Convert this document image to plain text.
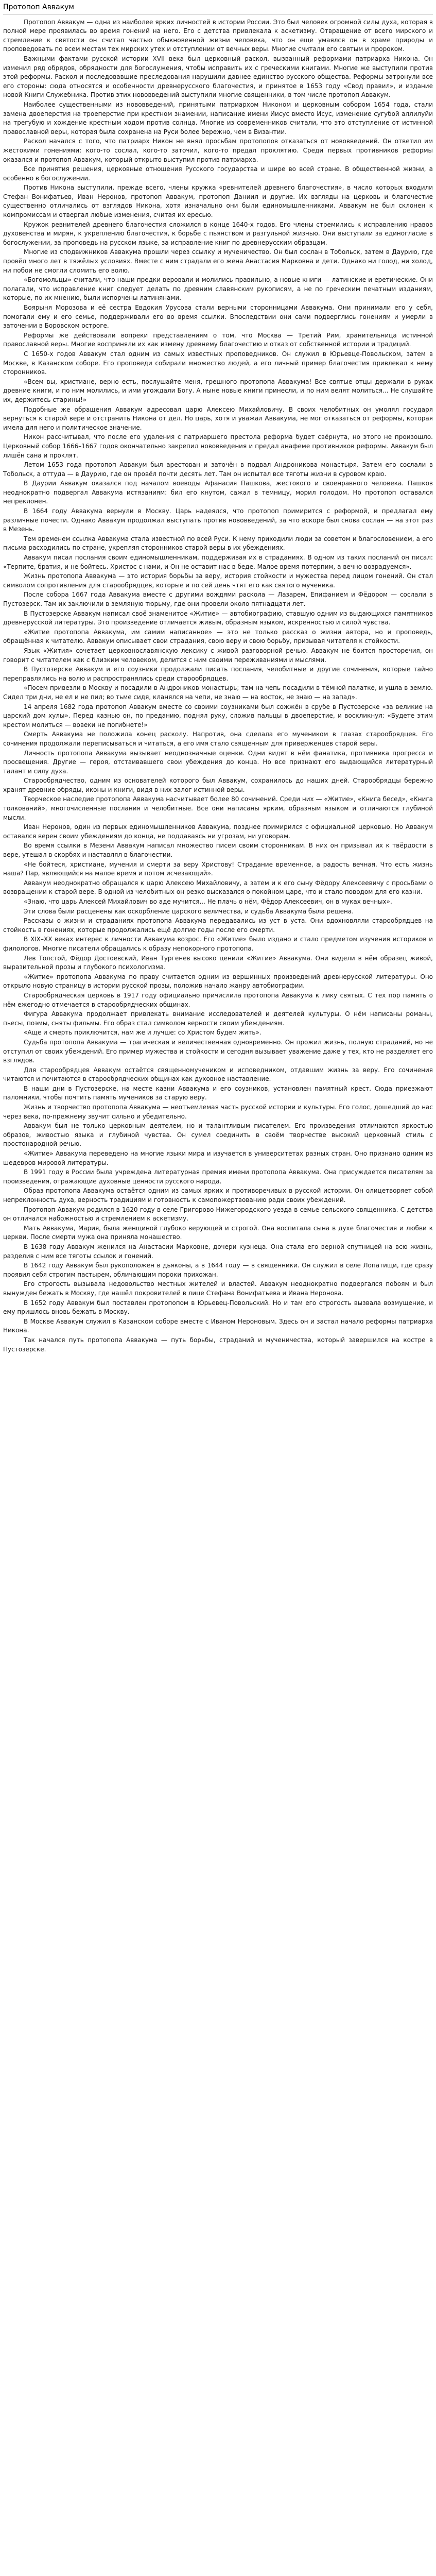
Протопоп Аввакум

Протопоп Аввакум — одна из наиболее ярких личностей в истории России. Это был человек огромной силы духа, которая в полной мере проявилась во время гонений на него. Его с детства привлекала к аскетизму. Отвращение от всего мирского и стремление к святости он считал частью обыкновенной жизни человека, что он еще умаялся он в храме природы и проповедовать по всем местам тех мирских утех и отступлении от вечных веры. Многие считали его святым и пророком.

Важными фактами русской истории XVII века был церковный раскол, вызванный реформами патриарха Никона. Он изменил ряд обрядов, обрядности для богослужения, чтобы исправить их с греческими книгами. Многие же выступили против этой реформы. Раскол и последовавшие преследования нарушили давнее единство русского общества. Реформы затронули все его стороны: сюда относятся и особенности древнерусского благочестия, и принятое в 1653 году «Свод правил», и издание новой Книги Служебника. Против этих нововведений выступили многие священники, в том числе протопоп Аввакум.

Наиболее существенными из нововведений, принятыми патриархом Никоном и церковным собором 1654 года, стали замена двоеперстия на троеперстие при крестном знамении, написание имени Иисус вместо Исус, изменение сугубой аллилуйи на трегубую и хождение крестным ходом против солнца. Многие из современников считали, что это отступление от истинной православной веры, которая была сохранена на Руси более бережно, чем в Византии.

Раскол начался с того, что патриарх Никон не внял просьбам протопопов отказаться от нововведений. Он ответил им жестокими гонениями: кого-то сослал, кого-то заточил, кого-то предал проклятию. Среди первых противников реформы оказался и протопоп Аввакум, который открыто выступил против патриарха.

Все принятия решения, церковные отношения Русского государства и шире во всей стране. В общественной жизни, а особенно в богослужении.

Против Никона выступили, прежде всего, члены кружка «ревнителей древнего благочестия», в число которых входили Стефан Вонифатьев, Иван Неронов, протопоп Аввакум, протопоп Даниил и другие. Их взгляды на церковь и благочестие существенно отличались от взглядов Никона, хотя изначально они были единомышленниками. Аввакум не был склонен к компромиссам и отвергал любые изменения, считая их ересью.

Кружок ревнителей древнего благочестия сложился в конце 1640-х годов. Его члены стремились к исправлению нравов духовенства и мирян, к укреплению благочестия, к борьбе с пьянством и разгульной жизнью. Они выступали за единогласие в богослужении, за проповедь на русском языке, за исправление книг по древнерусским образцам.

Многие из сподвижников Аввакума прошли через ссылку и мученичество. Он был сослан в Тобольск, затем в Даурию, где провёл много лет в тяжёлых условиях. Вместе с ним страдали его жена Анастасия Марковна и дети. Однако ни голод, ни холод, ни побои не смогли сломить его волю.

«Богомольцы» считали, что наши предки веровали и молились правильно, а новые книги — латинские и еретические. Они полагали, что исправление книг следует делать по древним славянским рукописям, а не по греческим печатным изданиям, которые, по их мнению, были испорчены латинянами.

Боярыня Морозова и её сестра Евдокия Урусова стали верными сторонницами Аввакума. Они принимали его у себя, помогали ему и его семье, поддерживали его во время ссылки. Впоследствии они сами подверглись гонениям и умерли в заточении в Боровском остроге.

Реформы же действовали вопреки представлениям о том, что Москва — Третий Рим, хранительница истинной православной веры. Многие восприняли их как измену древнему благочестию и отказ от собственной истории и традиций.

С 1650-х годов Аввакум стал одним из самых известных проповедников. Он служил в Юрьевце-Повольском, затем в Москве, в Казанском соборе. Его проповеди собирали множество людей, а его личный пример благочестия привлекал к нему сторонников.

«Всем вы, христиане, верно есть, послушайте меня, грешного протопопа Аввакума! Все святые отцы держали в руках древние книги, и по ним молились, и ими угождали Богу. А ныне новые книги принесли, и по ним велят молиться... Не слушайте их, держитесь старины!»

Подобные же обращения Аввакум адресовал царю Алексею Михайловичу. В своих челобитных он умолял государя вернуться к старой вере и отстранить Никона от дел. Но царь, хотя и уважал Аввакума, не мог отказаться от реформы, которая имела для него и политическое значение.

Никон рассчитывал, что после его удаления с патриаршего престола реформа будет свёрнута, но этого не произошло. Церковный собор 1666–1667 годов окончательно закрепил нововведения и предал анафеме противников реформы. Аввакум был лишён сана и проклят.

Летом 1653 года протопоп Аввакум был арестован и заточён в подвал Андроникова монастыря. Затем его сослали в Тобольск, а оттуда — в Даурию, где он провёл почти десять лет. Там он испытал все тяготы жизни в суровом краю.

В Даурии Аввакум оказался под началом воеводы Афанасия Пашкова, жестокого и своенравного человека. Пашков неоднократно подвергал Аввакума истязаниям: бил его кнутом, сажал в темницу, морил голодом. Но протопоп оставался непреклонен.

В 1664 году Аввакума вернули в Москву. Царь надеялся, что протопоп примирится с реформой, и предлагал ему различные почести. Однако Аввакум продолжал выступать против нововведений, за что вскоре был снова сослан — на этот раз в Мезень.

Тем временем ссылка Аввакума стала известной по всей Руси. К нему приходили люди за советом и благословением, а его письма расходились по стране, укрепляя сторонников старой веры в их убеждениях.

Аввакум писал послания своим единомышленникам, поддерживая их в страданиях. В одном из таких посланий он писал: «Терпите, братия, и не бойтесь. Христос с нами, и Он не оставит нас в беде. Малое время потерпим, а вечно возрадуемся».

Жизнь протопопа Аввакума — это история борьбы за веру, история стойкости и мужества перед лицом гонений. Он стал символом сопротивления для старообрядцев, которые и по сей день чтят его как святого мученика.

После собора 1667 года Аввакума вместе с другими вождями раскола — Лазарем, Епифанием и Фёдором — сослали в Пустозерск. Там их заключили в земляную тюрьму, где они провели около пятнадцати лет.

В Пустозерске Аввакум написал своё знаменитое «Житие» — автобиографию, ставшую одним из выдающихся памятников древнерусской литературы. Это произведение отличается живым, образным языком, искренностью и силой чувства.

«Житие протопопа Аввакума, им самим написанное» — это не только рассказ о жизни автора, но и проповедь, обращённая к читателю. Аввакум описывает свои страдания, свою веру и свою борьбу, призывая читателя к стойкости.

Язык «Жития» сочетает церковнославянскую лексику с живой разговорной речью. Аввакум не боится просторечия, он говорит с читателем как с близким человеком, делится с ним своими переживаниями и мыслями.

В Пустозерске Аввакум и его соузники продолжали писать послания, челобитные и другие сочинения, которые тайно переправлялись на волю и распространялись среди старообрядцев.

«Посем привезли в Москву и посадили в Андроников монастырь; там на чепь посадили в тёмной палатке, и ушла в землю. Сидел три дни, не ел и не пил; во тьме сидя, кланялся на чепи, не знаю — на восток, не знаю — на запад».

14 апреля 1682 года протопоп Аввакум вместе со своими соузниками был сожжён в срубе в Пустозерске «за великие на царский дом хулы». Перед казнью он, по преданию, поднял руку, сложив пальцы в двоеперстие, и воскликнул: «Будете этим крестом молиться — вовеки не погибнете!»

Смерть Аввакума не положила конец расколу. Напротив, она сделала его мучеником в глазах старообрядцев. Его сочинения продолжали переписываться и читаться, а его имя стало священным для приверженцев старой веры.

Личность протопопа Аввакума вызывает неоднозначные оценки. Одни видят в нём фанатика, противника прогресса и просвещения. Другие — героя, отстаивавшего свои убеждения до конца. Но все признают его выдающийся литературный талант и силу духа.

Старообрядчество, одним из основателей которого был Аввакум, сохранилось до наших дней. Старообрядцы бережно хранят древние обряды, иконы и книги, видя в них залог истинной веры.

Творческое наследие протопопа Аввакума насчитывает более 80 сочинений. Среди них — «Житие», «Книга бесед», «Книга толкований», многочисленные послания и челобитные. Все они написаны ярким, образным языком и отличаются глубиной мысли.

Иван Неронов, один из первых единомышленников Аввакума, позднее примирился с официальной церковью. Но Аввакум оставался верен своим убеждениям до конца, не поддаваясь ни угрозам, ни уговорам.

Во время ссылки в Мезени Аввакум написал множество писем своим сторонникам. В них он призывал их к твёрдости в вере, утешал в скорбях и наставлял в благочестии.

«Не бойтеся, христиане, мучения и смерти за веру Христову! Страдание временное, а радость вечная. Что есть жизнь наша? Пар, являющийся на малое время и потом исчезающий».

Аввакум неоднократно обращался к царю Алексею Михайловичу, а затем и к его сыну Фёдору Алексеевичу с просьбами о возвращении к старой вере. В одной из челобитных он резко высказался о покойном царе, что и стало поводом для его казни.

«Знаю, что царь Алексей Михайлович во аде мучится... Не плачь о нём, Фёдор Алексеевич, он в муках вечных».

Эти слова были расценены как оскорбление царского величества, и судьба Аввакума была решена.

Рассказы о жизни и страданиях протопопа Аввакума передавались из уст в уста. Они вдохновляли старообрядцев на стойкость в гонениях, которые продолжались ещё долгие годы после его смерти.

В XIX–XX веках интерес к личности Аввакума возрос. Его «Житие» было издано и стало предметом изучения историков и филологов. Многие писатели обращались к образу непокорного протопопа.

Лев Толстой, Фёдор Достоевский, Иван Тургенев высоко ценили «Житие» Аввакума. Они видели в нём образец живой, выразительной прозы и глубокого психологизма.

«Житие» протопопа Аввакума по праву считается одним из вершинных произведений древнерусской литературы. Оно открыло новую страницу в истории русской прозы, положив начало жанру автобиографии.

Старообрядческая церковь в 1917 году официально причислила протопопа Аввакума к лику святых. С тех пор память о нём ежегодно отмечается в старообрядческих общинах.

Фигура Аввакума продолжает привлекать внимание исследователей и деятелей культуры. О нём написаны романы, пьесы, поэмы, сняты фильмы. Его образ стал символом верности своим убеждениям.

«Аще и смерть приключится, нам же и лучше: со Христом будем жить».

Судьба протопопа Аввакума — трагическая и величественная одновременно. Он прожил жизнь, полную страданий, но не отступил от своих убеждений. Его пример мужества и стойкости и сегодня вызывает уважение даже у тех, кто не разделяет его взглядов.

Для старообрядцев Аввакум остаётся священномучеником и исповедником, отдавшим жизнь за веру. Его сочинения читаются и почитаются в старообрядческих общинах как духовное наставление.

В наши дни в Пустозерске, на месте казни Аввакума и его соузников, установлен памятный крест. Сюда приезжают паломники, чтобы почтить память мучеников за старую веру.

Жизнь и творчество протопопа Аввакума — неотъемлемая часть русской истории и культуры. Его голос, дошедший до нас через века, по-прежнему звучит сильно и убедительно.

Аввакум был не только церковным деятелем, но и талантливым писателем. Его произведения отличаются яркостью образов, живостью языка и глубиной чувства. Он сумел соединить в своём творчестве высокий церковный стиль с простонародной речью.

«Житие» Аввакума переведено на многие языки мира и изучается в университетах разных стран. Оно признано одним из шедевров мировой литературы.

В 1991 году в России была учреждена литературная премия имени протопопа Аввакума. Она присуждается писателям за произведения, отражающие духовные ценности русского народа.

Образ протопопа Аввакума остаётся одним из самых ярких и противоречивых в русской истории. Он олицетворяет собой непреклонность духа, верность традициям и готовность к самопожертвованию ради своих убеждений.

Протопоп Аввакум родился в 1620 году в селе Григорово Нижегородского уезда в семье сельского священника. С детства он отличался набожностью и стремлением к аскетизму.

Мать Аввакума, Мария, была женщиной глубоко верующей и строгой. Она воспитала сына в духе благочестия и любви к церкви. После смерти мужа она приняла монашество.

В 1638 году Аввакум женился на Анастасии Марковне, дочери кузнеца. Она стала его верной спутницей на всю жизнь, разделив с ним все тяготы ссылок и гонений.

В 1642 году Аввакум был рукоположен в дьяконы, а в 1644 году — в священники. Он служил в селе Лопатищи, где сразу проявил себя строгим пастырем, обличающим пороки прихожан.

Его строгость вызывала недовольство местных жителей и властей. Аввакум неоднократно подвергался побоям и был вынужден бежать в Москву, где нашёл покровителей в лице Стефана Вонифатьева и Ивана Неронова.

В 1652 году Аввакум был поставлен протопопом в Юрьевец-Повольский. Но и там его строгость вызвала возмущение, и ему пришлось вновь бежать в Москву.

В Москве Аввакум служил в Казанском соборе вместе с Иваном Нероновым. Здесь он и застал начало реформы патриарха Никона.

Так начался путь протопопа Аввакума — путь борьбы, страданий и мученичества, который завершился на костре в Пустозерске.
